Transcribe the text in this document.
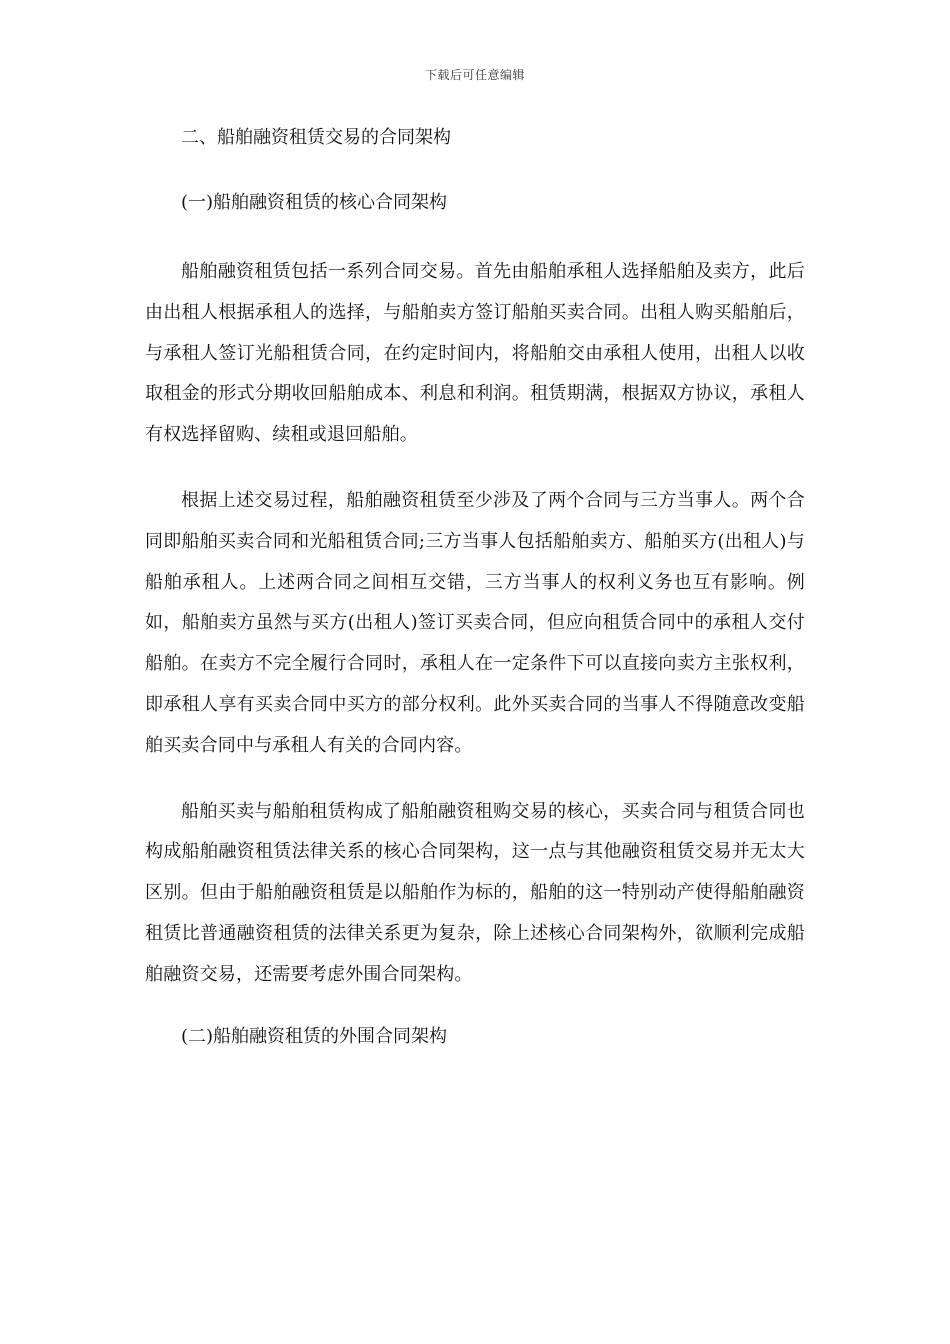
下载后可任意编辑
二、船舶融资租赁交易的合同架构
(一)船舶融资租赁的核心合同架构

船舶融资租赁包括一系列合同交易。首先由船舶承租人选择船舶及卖方，此后由出租人根据承租人的选择，与船舶卖方签订船舶买卖合同。出租人购买船舶后，与承租人签订光船租赁合同，在约定时间内，将船舶交由承租人使用，出租人以收取租金的形式分期收回船舶成本、利息和利润。租赁期满，根据双方协议，承租人有权选择留购、续租或退回船舶。

根据上述交易过程，船舶融资租赁至少涉及了两个合同与三方当事人。两个合同即船舶买卖合同和光船租赁合同;三方当事人包括船舶卖方、船舶买方(出租人)与船舶承租人。上述两合同之间相互交错，三方当事人的权利义务也互有影响。例如，船舶卖方虽然与买方(出租人)签订买卖合同，但应向租赁合同中的承租人交付船舶。在卖方不完全履行合同时，承租人在一定条件下可以直接向卖方主张权利，即承租人享有买卖合同中买方的部分权利。此外买卖合同的当事人不得随意改变船舶买卖合同中与承租人有关的合同内容。

船舶买卖与船舶租赁构成了船舶融资租购交易的核心，买卖合同与租赁合同也构成船舶融资租赁法律关系的核心合同架构，这一点与其他融资租赁交易并无太大区别。但由于船舶融资租赁是以船舶作为标的，船舶的这一特别动产使得船舶融资租赁比普通融资租赁的法律关系更为复杂，除上述核心合同架构外，欲顺利完成船舶融资交易，还需要考虑外围合同架构。

(二)船舶融资租赁的外围合同架构
